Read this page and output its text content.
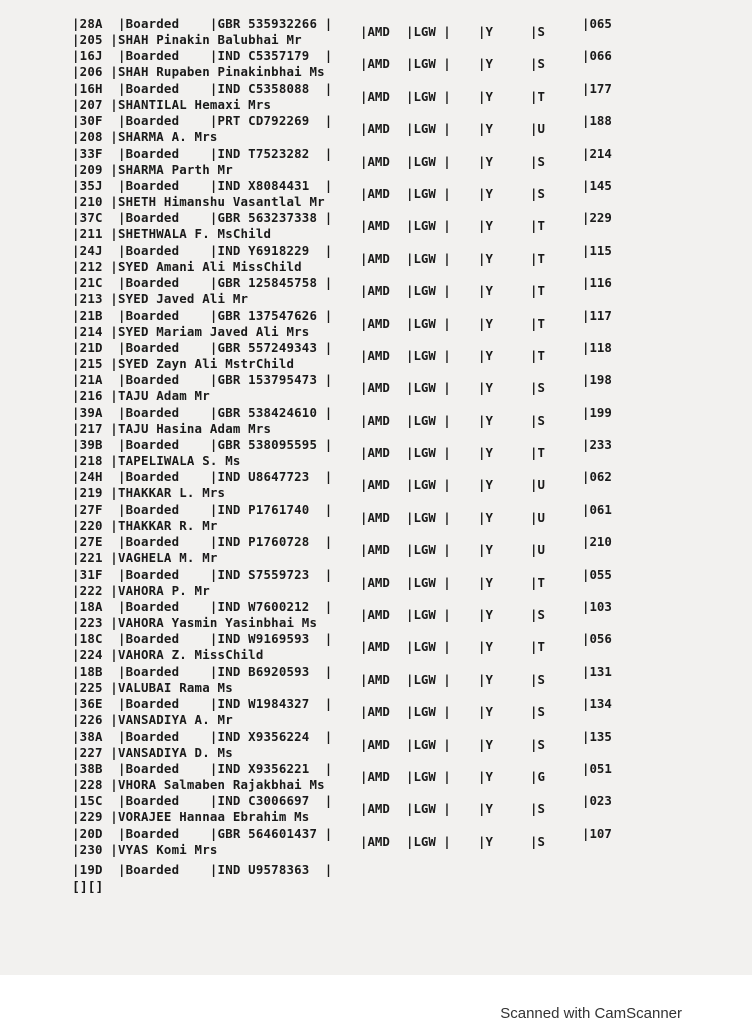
|28A  |Boarded    |GBR 535932266 |
|205 |SHAH Pinakin Balubhai Mr
|AMD |LGW | |Y	|S
|065
|16J  |Boarded    |IND C5357179  |
|206 |SHAH Rupaben Pinakinbhai Ms
|AMD |LGW | |Y	|S
|066
|16H  |Boarded    |IND C5358088  |
|207 |SHANTILAL Hemaxi Mrs
|AMD |LGW | |Y	|T
|177
|30F  |Boarded    |PRT CD792269  |
|208 |SHARMA A. Mrs
|AMD |LGW | |Y	|U
|188
|33F  |Boarded    |IND T7523282  |
|209 |SHARMA Parth Mr
|AMD |LGW | |Y	|S
|214
|35J  |Boarded    |IND X8084431  |
|210 |SHETH Himanshu Vasantlal Mr
|AMD |LGW | |Y	|S
|145
|37C  |Boarded    |GBR 563237338 |
|211 |SHETHWALA F. MsChild
|AMD |LGW | |Y	|T
|229
|24J  |Boarded    |IND Y6918229  |
|212 |SYED Amani Ali MissChild
|AMD |LGW | |Y	|T
|115
|21C  |Boarded    |GBR 125845758 |
|213 |SYED Javed Ali Mr
|AMD |LGW | |Y	|T
|116
|21B  |Boarded    |GBR 137547626 |
|214 |SYED Mariam Javed Ali Mrs
|AMD |LGW | |Y	|T
|117
|21D  |Boarded    |GBR 557249343 |
|215 |SYED Zayn Ali MstrChild
|AMD |LGW | |Y	|T
|118
|21A  |Boarded    |GBR 153795473 |
|216 |TAJU Adam Mr
|AMD |LGW | |Y	|S
|198
|39A  |Boarded    |GBR 538424610 |
|217 |TAJU Hasina Adam Mrs
|AMD |LGW | |Y	|S
|199
|39B  |Boarded    |GBR 538095595 |
|218 |TAPELIWALA S. Ms
|AMD |LGW | |Y	|T
|233
|24H  |Boarded    |IND U8647723  |
|219 |THAKKAR L. Mrs
|AMD |LGW | |Y	|U
|062
|27F  |Boarded    |IND P1761740  |
|220 |THAKKAR R. Mr
|AMD |LGW | |Y	|U
|061
|27E  |Boarded    |IND P1760728  |
|221 |VAGHELA M. Mr
|AMD |LGW | |Y	|U
|210
|31F  |Boarded    |IND S7559723  |
|222 |VAHORA P. Mr
|AMD |LGW | |Y	|T
|055
|18A  |Boarded    |IND W7600212  |
|223 |VAHORA Yasmin Yasinbhai Ms
|AMD |LGW | |Y	|S
|103
|18C  |Boarded    |IND W9169593  |
|224 |VAHORA Z. MissChild
|AMD |LGW | |Y	|T
|056
|18B  |Boarded    |IND B6920593  |
|225 |VALUBAI Rama Ms
|AMD |LGW | |Y	|S
|131
|36E  |Boarded    |IND W1984327  |
|226 |VANSADIYA A. Mr
|AMD |LGW | |Y	|S
|134
|38A  |Boarded    |IND X9356224  |
|227 |VANSADIYA D. Ms
|AMD |LGW | |Y	|S
|135
|38B  |Boarded    |IND X9356221  |
|228 |VHORA Salmaben Rajakbhai Ms
|AMD |LGW | |Y	|G
|051
|15C  |Boarded    |IND C3006697  |
|229 |VORAJEE Hannaa Ebrahim Ms
|AMD |LGW | |Y	|S
|023
|20D  |Boarded    |GBR 564601437 |
|230 |VYAS Komi Mrs
|AMD |LGW | |Y	|S
|107
|19D  |Boarded    |IND U9578363  |
[][]
Scanned with CamScanner
